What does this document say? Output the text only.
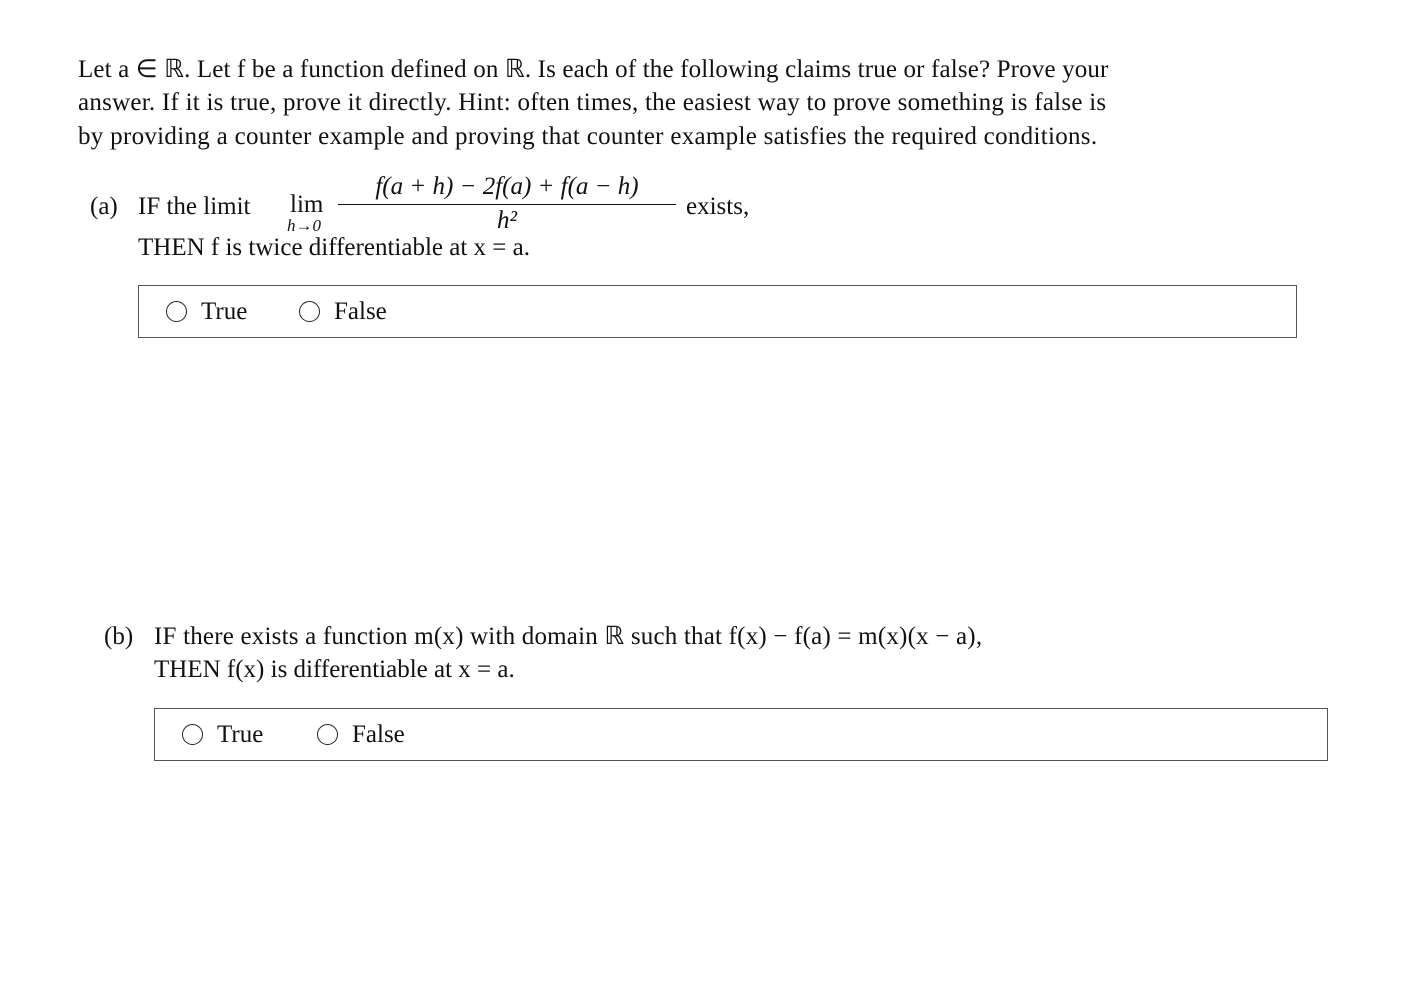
Let a ∈ ℝ. Let f be a function defined on ℝ. Is each of the following claims true or false? Prove your
answer. If it is true, prove it directly. Hint: often times, the easiest way to prove something is false is
by providing a counter example and proving that counter example satisfies the required conditions.
(a) IF the limit lim
h→0
f(a + h) − 2f(a) + f(a − h)
h²
exists,
THEN f is twice differentiable at x = a.
True	False
(b) IF there exists a function m(x) with domain ℝ such that f(x) − f(a) = m(x)(x − a),
THEN f(x) is differentiable at x = a.
True	False
